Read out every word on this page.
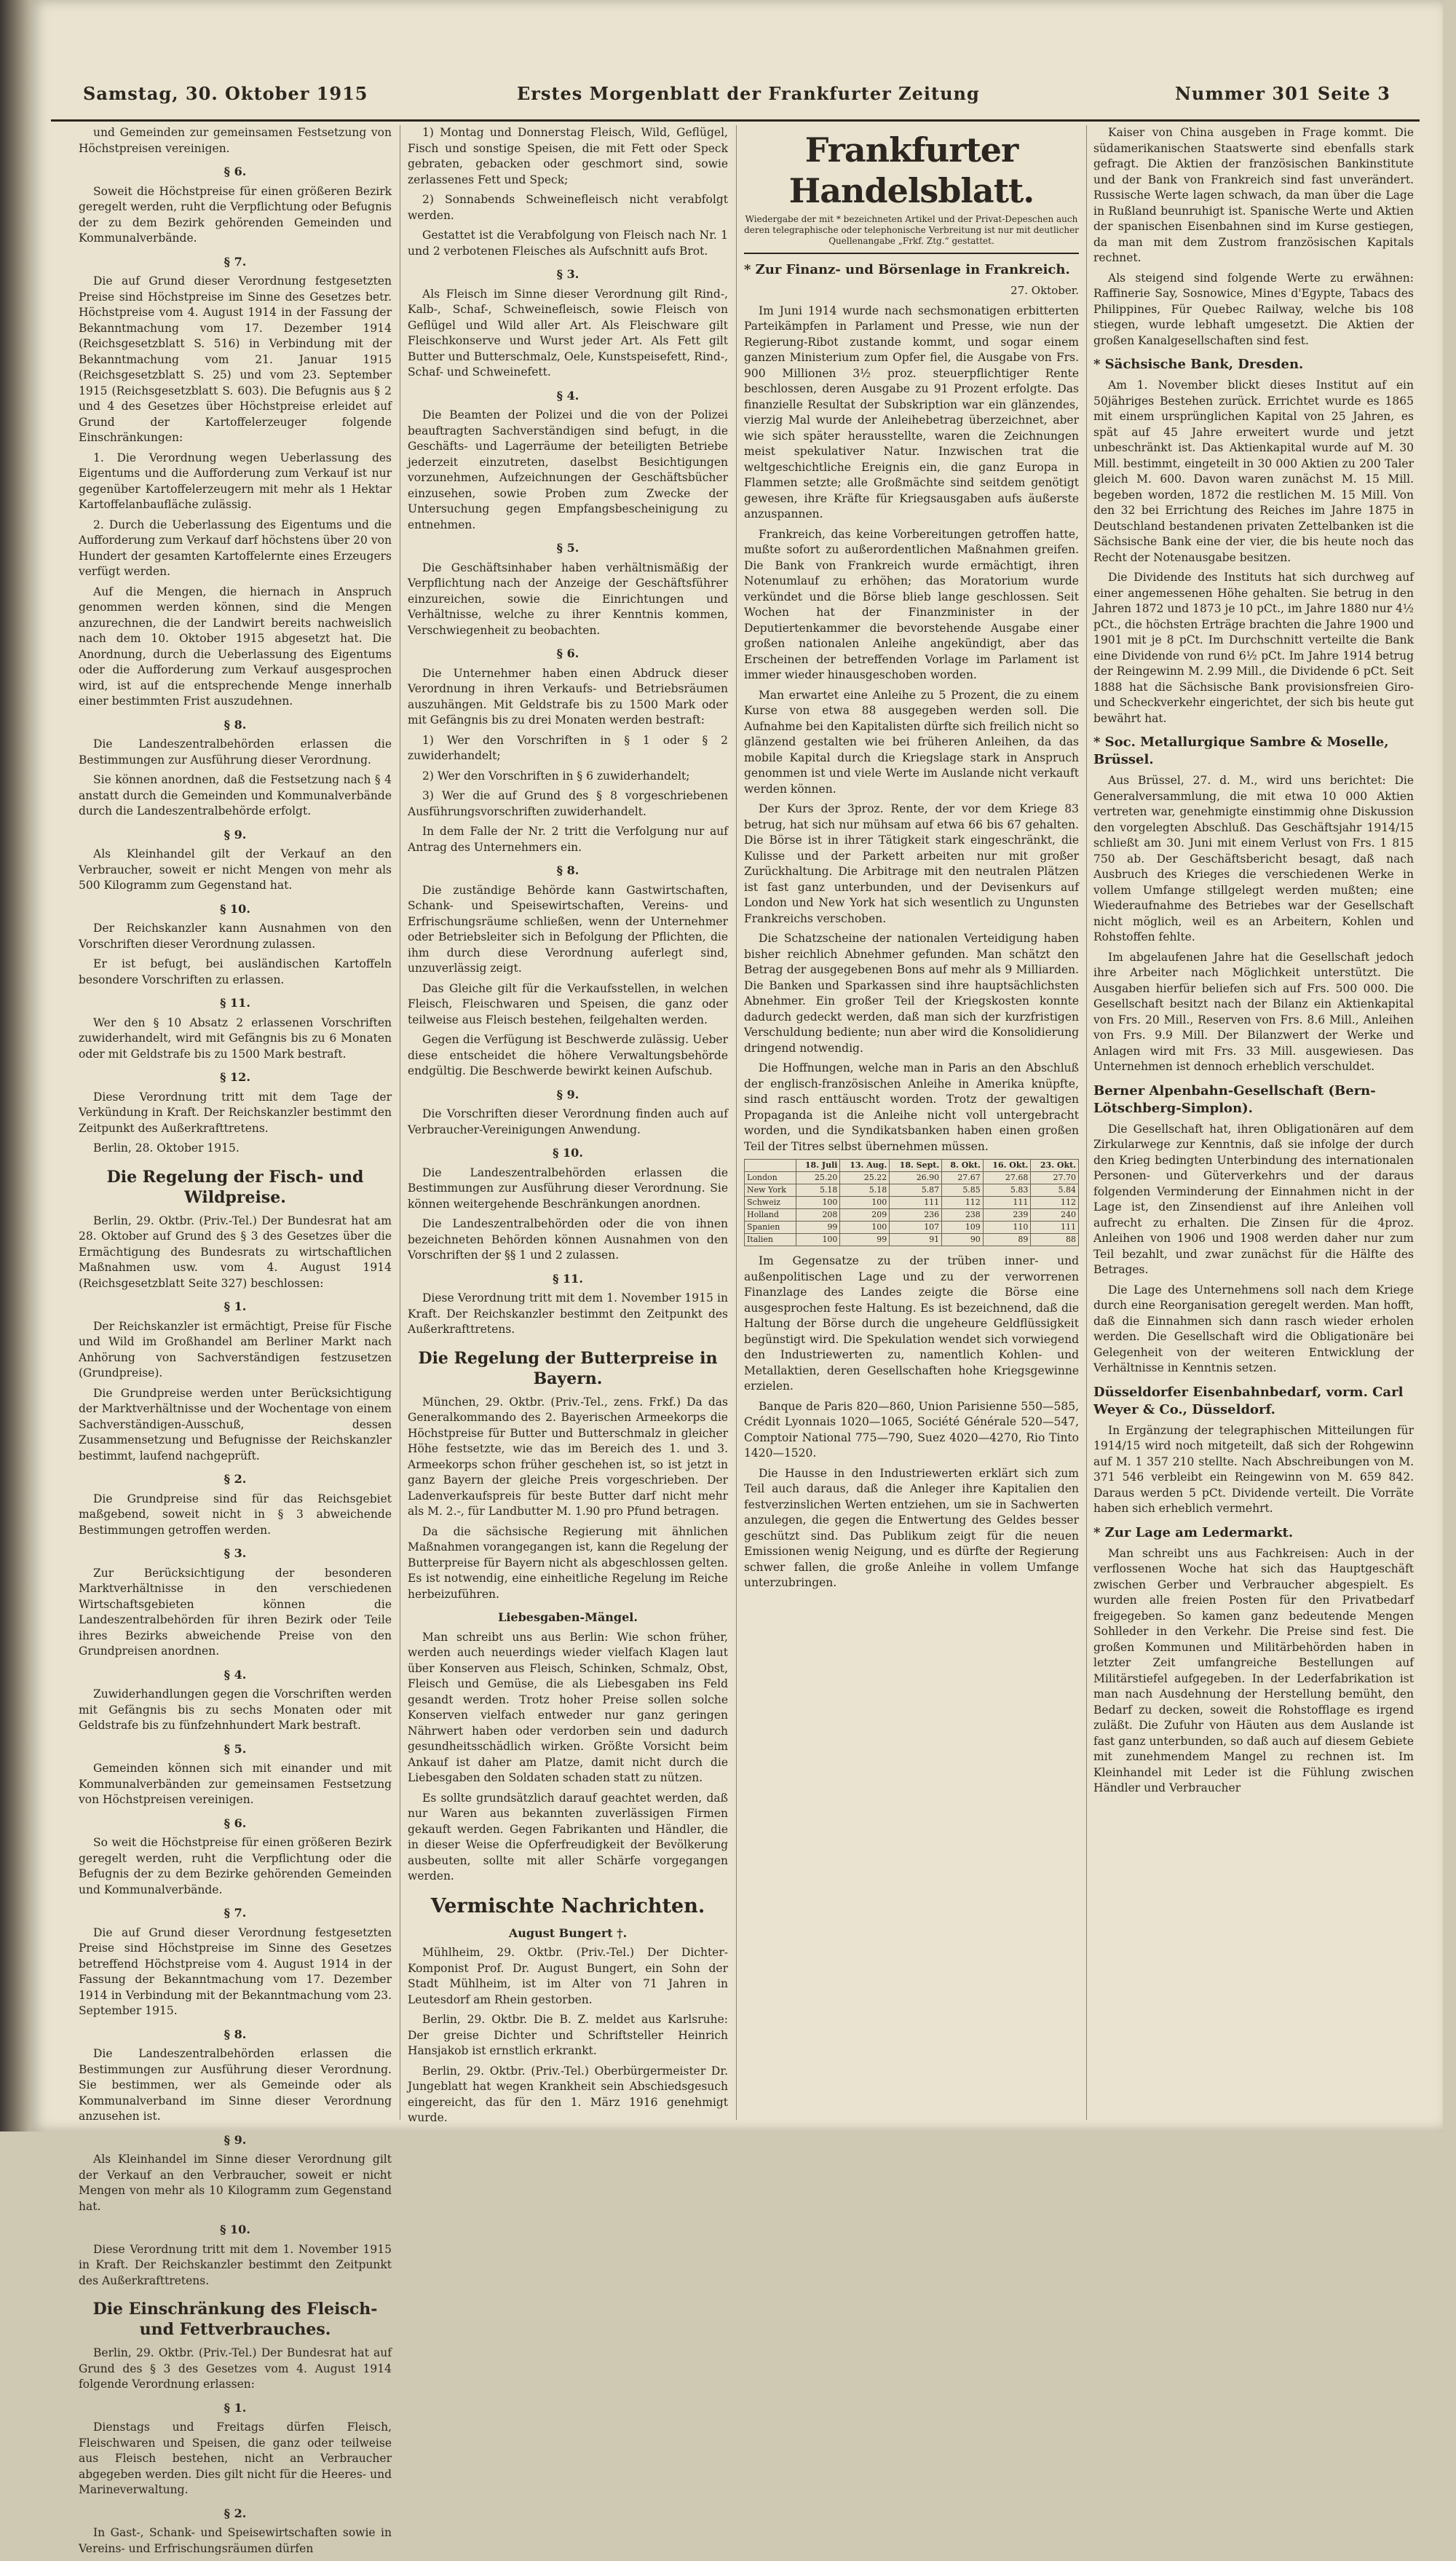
Samstag, 30. Oktober 1915	Erstes Morgenblatt der Frankfurter Zeitung	Nummer 301 Seite 3

und Gemeinden zur gemeinsamen Festsetzung von Höchstpreisen vereinigen.

§ 6.

Soweit die Höchstpreise für einen größeren Bezirk geregelt werden, ruht die Verpflichtung oder Befugnis der zu dem Bezirk gehörenden Gemeinden und Kommunalverbände.

§ 7.

Die auf Grund dieser Verordnung festgesetzten Preise sind Höchstpreise im Sinne des Gesetzes betr. Höchstpreise vom 4. August 1914 in der Fassung der Bekanntmachung vom 17. Dezember 1914 (Reichsgesetzblatt S. 516) in Verbindung mit der Bekanntmachung vom 21. Januar 1915 (Reichsgesetzblatt S. 25) und vom 23. September 1915 (Reichsgesetzblatt S. 603). Die Befugnis aus § 2 und 4 des Gesetzes über Höchstpreise erleidet auf Grund der Kartoffelerzeuger folgende Einschränkungen:

1. Die Verordnung wegen Ueberlassung des Eigentums und die Aufforderung zum Verkauf ist nur gegenüber Kartoffelerzeugern mit mehr als 1 Hektar Kartoffelanbaufläche zulässig.

2. Durch die Ueberlassung des Eigentums und die Aufforderung zum Verkauf darf höchstens über 20 von Hundert der gesamten Kartoffelernte eines Erzeugers verfügt werden.

Auf die Mengen, die hiernach in Anspruch genommen werden können, sind die Mengen anzurechnen, die der Landwirt bereits nachweislich nach dem 10. Oktober 1915 abgesetzt hat. Die Anordnung, durch die Ueberlassung des Eigentums oder die Aufforderung zum Verkauf ausgesprochen wird, ist auf die entsprechende Menge innerhalb einer bestimmten Frist auszudehnen.

§ 8.

Die Landeszentralbehörden erlassen die Bestimmungen zur Ausführung dieser Verordnung.

Sie können anordnen, daß die Festsetzung nach § 4 anstatt durch die Gemeinden und Kommunalverbände durch die Landeszentralbehörde erfolgt.

§ 9.

Als Kleinhandel gilt der Verkauf an den Verbraucher, soweit er nicht Mengen von mehr als 500 Kilogramm zum Gegenstand hat.

§ 10.

Der Reichskanzler kann Ausnahmen von den Vorschriften dieser Verordnung zulassen.

Er ist befugt, bei ausländischen Kartoffeln besondere Vorschriften zu erlassen.

§ 11.

Wer den § 10 Absatz 2 erlassenen Vorschriften zuwiderhandelt, wird mit Gefängnis bis zu 6 Monaten oder mit Geldstrafe bis zu 1500 Mark bestraft.

§ 12.

Diese Verordnung tritt mit dem Tage der Verkündung in Kraft. Der Reichskanzler bestimmt den Zeitpunkt des Außerkrafttretens.

Berlin, 28. Oktober 1915.

Die Regelung der Fisch- und Wildpreise.

Berlin, 29. Oktbr. (Priv.-Tel.) Der Bundesrat hat am 28. Oktober auf Grund des § 3 des Gesetzes über die Ermächtigung des Bundesrats zu wirtschaftlichen Maßnahmen usw. vom 4. August 1914 (Reichsgesetzblatt Seite 327) beschlossen:

§ 1.

Der Reichskanzler ist ermächtigt, Preise für Fische und Wild im Großhandel am Berliner Markt nach Anhörung von Sachverständigen festzusetzen (Grundpreise).

Die Grundpreise werden unter Berücksichtigung der Marktverhältnisse und der Wochentage von einem Sachverständigen-Ausschuß, dessen Zusammensetzung und Befugnisse der Reichskanzler bestimmt, laufend nachgeprüft.

§ 2.

Die Grundpreise sind für das Reichsgebiet maßgebend, soweit nicht in § 3 abweichende Bestimmungen getroffen werden.

§ 3.

Zur Berücksichtigung der besonderen Marktverhältnisse in den verschiedenen Wirtschaftsgebieten können die Landeszentralbehörden für ihren Bezirk oder Teile ihres Bezirks abweichende Preise von den Grundpreisen anordnen.

§ 4.

Zuwiderhandlungen gegen die Vorschriften werden mit Gefängnis bis zu sechs Monaten oder mit Geldstrafe bis zu fünfzehnhundert Mark bestraft.

§ 5.

Gemeinden können sich mit einander und mit Kommunalverbänden zur gemeinsamen Festsetzung von Höchstpreisen vereinigen.

§ 6.

So weit die Höchstpreise für einen größeren Bezirk geregelt werden, ruht die Verpflichtung oder die Befugnis der zu dem Bezirke gehörenden Gemeinden und Kommunalverbände.

§ 7.

Die auf Grund dieser Verordnung festgesetzten Preise sind Höchstpreise im Sinne des Gesetzes betreffend Höchstpreise vom 4. August 1914 in der Fassung der Bekanntmachung vom 17. Dezember 1914 in Verbindung mit der Bekanntmachung vom 23. September 1915.

§ 8.

Die Landeszentralbehörden erlassen die Bestimmungen zur Ausführung dieser Verordnung. Sie bestimmen, wer als Gemeinde oder als Kommunalverband im Sinne dieser Verordnung anzusehen ist.

§ 9.

Als Kleinhandel im Sinne dieser Verordnung gilt der Verkauf an den Verbraucher, soweit er nicht Mengen von mehr als 10 Kilogramm zum Gegenstand hat.

§ 10.

Diese Verordnung tritt mit dem 1. November 1915 in Kraft. Der Reichskanzler bestimmt den Zeitpunkt des Außerkrafttretens.

Die Einschränkung des Fleisch- und Fettverbrauches.

Berlin, 29. Oktbr. (Priv.-Tel.) Der Bundesrat hat auf Grund des § 3 des Gesetzes vom 4. August 1914 folgende Verordnung erlassen:

§ 1.

Dienstags und Freitags dürfen Fleisch, Fleischwaren und Speisen, die ganz oder teilweise aus Fleisch bestehen, nicht an Verbraucher abgegeben werden. Dies gilt nicht für die Heeres- und Marineverwaltung.

§ 2.

In Gast-, Schank- und Speisewirtschaften sowie in Vereins- und Erfrischungsräumen dürfen

1) Montag und Donnerstag Fleisch, Wild, Geflügel, Fisch und sonstige Speisen, die mit Fett oder Speck gebraten, gebacken oder geschmort sind, sowie zerlassenes Fett und Speck;

2) Sonnabends Schweinefleisch nicht verabfolgt werden.

Gestattet ist die Verabfolgung von Fleisch nach Nr. 1 und 2 verbotenen Fleisches als Aufschnitt aufs Brot.

§ 3.

Als Fleisch im Sinne dieser Verordnung gilt Rind-, Kalb-, Schaf-, Schweinefleisch, sowie Fleisch von Geflügel und Wild aller Art. Als Fleischware gilt Fleischkonserve und Wurst jeder Art. Als Fett gilt Butter und Butterschmalz, Oele, Kunstspeisefett, Rind-, Schaf- und Schweinefett.

§ 4.

Die Beamten der Polizei und die von der Polizei beauftragten Sachverständigen sind befugt, in die Geschäfts- und Lagerräume der beteiligten Betriebe jederzeit einzutreten, daselbst Besichtigungen vorzunehmen, Aufzeichnungen der Geschäftsbücher einzusehen, sowie Proben zum Zwecke der Untersuchung gegen Empfangsbescheinigung zu entnehmen.

§ 5.

Die Geschäftsinhaber haben verhältnismäßig der Verpflichtung nach der Anzeige der Geschäftsführer einzureichen, sowie die Einrichtungen und Verhältnisse, welche zu ihrer Kenntnis kommen, Verschwiegenheit zu beobachten.

§ 6.

Die Unternehmer haben einen Abdruck dieser Verordnung in ihren Verkaufs- und Betriebsräumen auszuhängen. Mit Geldstrafe bis zu 1500 Mark oder mit Gefängnis bis zu drei Monaten werden bestraft:

1) Wer den Vorschriften in § 1 oder § 2 zuwiderhandelt;

2) Wer den Vorschriften in § 6 zuwiderhandelt;

3) Wer die auf Grund des § 8 vorgeschriebenen Ausführungsvorschriften zuwiderhandelt.

In dem Falle der Nr. 2 tritt die Verfolgung nur auf Antrag des Unternehmers ein.

§ 8.

Die zuständige Behörde kann Gastwirtschaften, Schank- und Speisewirtschaften, Vereins- und Erfrischungsräume schließen, wenn der Unternehmer oder Betriebsleiter sich in Befolgung der Pflichten, die ihm durch diese Verordnung auferlegt sind, unzuverlässig zeigt.

Das Gleiche gilt für die Verkaufsstellen, in welchen Fleisch, Fleischwaren und Speisen, die ganz oder teilweise aus Fleisch bestehen, feilgehalten werden.

Gegen die Verfügung ist Beschwerde zulässig. Ueber diese entscheidet die höhere Verwaltungsbehörde endgültig. Die Beschwerde bewirkt keinen Aufschub.

§ 9.

Die Vorschriften dieser Verordnung finden auch auf Verbraucher-Vereinigungen Anwendung.

§ 10.

Die Landeszentralbehörden erlassen die Bestimmungen zur Ausführung dieser Verordnung. Sie können weitergehende Beschränkungen anordnen.

Die Landeszentralbehörden oder die von ihnen bezeichneten Behörden können Ausnahmen von den Vorschriften der §§ 1 und 2 zulassen.

§ 11.

Diese Verordnung tritt mit dem 1. November 1915 in Kraft. Der Reichskanzler bestimmt den Zeitpunkt des Außerkrafttretens.

Die Regelung der Butterpreise in Bayern.

München, 29. Oktbr. (Priv.-Tel., zens. Frkf.) Da das Generalkommando des 2. Bayerischen Armeekorps die Höchstpreise für Butter und Butterschmalz in gleicher Höhe festsetzte, wie das im Bereich des 1. und 3. Armeekorps schon früher geschehen ist, so ist jetzt in ganz Bayern der gleiche Preis vorgeschrieben. Der Ladenverkaufspreis für beste Butter darf nicht mehr als M. 2.-, für Landbutter M. 1.90 pro Pfund betragen.

Da die sächsische Regierung mit ähnlichen Maßnahmen vorangegangen ist, kann die Regelung der Butterpreise für Bayern nicht als abgeschlossen gelten. Es ist notwendig, eine einheitliche Regelung im Reiche herbeizuführen.

Liebesgaben-Mängel.

Man schreibt uns aus Berlin: Wie schon früher, werden auch neuerdings wieder vielfach Klagen laut über Konserven aus Fleisch, Schinken, Schmalz, Obst, Fleisch und Gemüse, die als Liebesgaben ins Feld gesandt werden. Trotz hoher Preise sollen solche Konserven vielfach entweder nur ganz geringen Nährwert haben oder verdorben sein und dadurch gesundheitsschädlich wirken. Größte Vorsicht beim Ankauf ist daher am Platze, damit nicht durch die Liebesgaben den Soldaten schaden statt zu nützen.

Es sollte grundsätzlich darauf geachtet werden, daß nur Waren aus bekannten zuverlässigen Firmen gekauft werden. Gegen Fabrikanten und Händler, die in dieser Weise die Opferfreudigkeit der Bevölkerung ausbeuten, sollte mit aller Schärfe vorgegangen werden.

Vermischte Nachrichten.

August Bungert †.

Mühlheim, 29. Oktbr. (Priv.-Tel.) Der Dichter-Komponist Prof. Dr. August Bungert, ein Sohn der Stadt Mühlheim, ist im Alter von 71 Jahren in Leutesdorf am Rhein gestorben.

Berlin, 29. Oktbr. Die B. Z. meldet aus Karlsruhe: Der greise Dichter und Schriftsteller Heinrich Hansjakob ist ernstlich erkrankt.

Berlin, 29. Oktbr. (Priv.-Tel.) Oberbürgermeister Dr. Jungeblatt hat wegen Krankheit sein Abschiedsgesuch eingereicht, das für den 1. März 1916 genehmigt wurde.

Frankfurter Handelsblatt.
Wiedergabe der mit * bezeichneten Artikel und der Privat-Depeschen auch deren telegraphische oder telephonische Verbreitung ist nur mit deutlicher Quellenangabe „Frkf. Ztg.“ gestattet.
* Zur Finanz- und Börsenlage in Frankreich.
27. Oktober.

Im Juni 1914 wurde nach sechsmonatigen erbitterten Parteikämpfen in Parlament und Presse, wie nun der Regierung-Ribot zustande kommt, und sogar einem ganzen Ministerium zum Opfer fiel, die Ausgabe von Frs. 900 Millionen 3½ proz. steuerpflichtiger Rente beschlossen, deren Ausgabe zu 91 Prozent erfolgte. Das finanzielle Resultat der Subskription war ein glänzendes, vierzig Mal wurde der Anleihebetrag überzeichnet, aber wie sich später herausstellte, waren die Zeichnungen meist spekulativer Natur. Inzwischen trat die weltgeschichtliche Ereignis ein, die ganz Europa in Flammen setzte; alle Großmächte sind seitdem genötigt gewesen, ihre Kräfte für Kriegsausgaben aufs äußerste anzuspannen.

Frankreich, das keine Vorbereitungen getroffen hatte, mußte sofort zu außerordentlichen Maßnahmen greifen. Die Bank von Frankreich wurde ermächtigt, ihren Notenumlauf zu erhöhen; das Moratorium wurde verkündet und die Börse blieb lange geschlossen. Seit Wochen hat der Finanzminister in der Deputiertenkammer die bevorstehende Ausgabe einer großen nationalen Anleihe angekündigt, aber das Erscheinen der betreffenden Vorlage im Parlament ist immer wieder hinausgeschoben worden.

Man erwartet eine Anleihe zu 5 Prozent, die zu einem Kurse von etwa 88 ausgegeben werden soll. Die Aufnahme bei den Kapitalisten dürfte sich freilich nicht so glänzend gestalten wie bei früheren Anleihen, da das mobile Kapital durch die Kriegslage stark in Anspruch genommen ist und viele Werte im Auslande nicht verkauft werden können.

Der Kurs der 3proz. Rente, der vor dem Kriege 83 betrug, hat sich nur mühsam auf etwa 66 bis 67 gehalten. Die Börse ist in ihrer Tätigkeit stark eingeschränkt, die Kulisse und der Parkett arbeiten nur mit großer Zurückhaltung. Die Arbitrage mit den neutralen Plätzen ist fast ganz unterbunden, und der Devisenkurs auf London und New York hat sich wesentlich zu Ungunsten Frankreichs verschoben.

Die Schatzscheine der nationalen Verteidigung haben bisher reichlich Abnehmer gefunden. Man schätzt den Betrag der ausgegebenen Bons auf mehr als 9 Milliarden. Die Banken und Sparkassen sind ihre hauptsächlichsten Abnehmer. Ein großer Teil der Kriegskosten konnte dadurch gedeckt werden, daß man sich der kurzfristigen Verschuldung bediente; nun aber wird die Konsolidierung dringend notwendig.

Die Hoffnungen, welche man in Paris an den Abschluß der englisch-französischen Anleihe in Amerika knüpfte, sind rasch enttäuscht worden. Trotz der gewaltigen Propaganda ist die Anleihe nicht voll untergebracht worden, und die Syndikatsbanken haben einen großen Teil der Titres selbst übernehmen müssen.

	18. Juli	13. Aug.	18. Sept.	8. Okt.	16. Okt.	23. Okt.
London	25.20	25.22	26.90	27.67	27.68	27.70
New York	5.18	5.18	5.87	5.85	5.83	5.84
Schweiz	100	100	111	112	111	112
Holland	208	209	236	238	239	240
Spanien	99	100	107	109	110	111
Italien	100	99	91	90	89	88

Im Gegensatze zu der trüben inner- und außenpolitischen Lage und zu der verworrenen Finanzlage des Landes zeigte die Börse eine ausgesprochen feste Haltung. Es ist bezeichnend, daß die Haltung der Börse durch die ungeheure Geldflüssigkeit begünstigt wird. Die Spekulation wendet sich vorwiegend den Industriewerten zu, namentlich Kohlen- und Metallaktien, deren Gesellschaften hohe Kriegsgewinne erzielen.

Banque de Paris 820—860, Union Parisienne 550—585, Crédit Lyonnais 1020—1065, Société Générale 520—547, Comptoir National 775—790, Suez 4020—4270, Rio Tinto 1420—1520.

Die Hausse in den Industriewerten erklärt sich zum Teil auch daraus, daß die Anleger ihre Kapitalien den festverzinslichen Werten entziehen, um sie in Sachwerten anzulegen, die gegen die Entwertung des Geldes besser geschützt sind. Das Publikum zeigt für die neuen Emissionen wenig Neigung, und es dürfte der Regierung schwer fallen, die große Anleihe in vollem Umfange unterzubringen.

Kaiser von China ausgeben in Frage kommt. Die südamerikanischen Staatswerte sind ebenfalls stark gefragt. Die Aktien der französischen Bankinstitute und der Bank von Frankreich sind fast unverändert. Russische Werte lagen schwach, da man über die Lage in Rußland beunruhigt ist. Spanische Werte und Aktien der spanischen Eisenbahnen sind im Kurse gestiegen, da man mit dem Zustrom französischen Kapitals rechnet.

Als steigend sind folgende Werte zu erwähnen: Raffinerie Say, Sosnowice, Mines d'Egypte, Tabacs des Philippines, Für Quebec Railway, welche bis 108 stiegen, wurde lebhaft umgesetzt. Die Aktien der großen Kanalgesellschaften sind fest.

* Sächsische Bank, Dresden.

Am 1. November blickt dieses Institut auf ein 50jähriges Bestehen zurück. Errichtet wurde es 1865 mit einem ursprünglichen Kapital von 25 Jahren, es spät auf 45 Jahre erweitert wurde und jetzt unbeschränkt ist. Das Aktienkapital wurde auf M. 30 Mill. bestimmt, eingeteilt in 30 000 Aktien zu 200 Taler gleich M. 600. Davon waren zunächst M. 15 Mill. begeben worden, 1872 die restlichen M. 15 Mill. Von den 32 bei Errichtung des Reiches im Jahre 1875 in Deutschland bestandenen privaten Zettelbanken ist die Sächsische Bank eine der vier, die bis heute noch das Recht der Notenausgabe besitzen.

Die Dividende des Instituts hat sich durchweg auf einer angemessenen Höhe gehalten. Sie betrug in den Jahren 1872 und 1873 je 10 pCt., im Jahre 1880 nur 4½ pCt., die höchsten Erträge brachten die Jahre 1900 und 1901 mit je 8 pCt. Im Durchschnitt verteilte die Bank eine Dividende von rund 6½ pCt. Im Jahre 1914 betrug der Reingewinn M. 2.99 Mill., die Dividende 6 pCt. Seit 1888 hat die Sächsische Bank provisionsfreien Giro- und Scheckverkehr eingerichtet, der sich bis heute gut bewährt hat.

* Soc. Metallurgique Sambre & Moselle, Brüssel.

Aus Brüssel, 27. d. M., wird uns berichtet: Die Generalversammlung, die mit etwa 10 000 Aktien vertreten war, genehmigte einstimmig ohne Diskussion den vorgelegten Abschluß. Das Geschäftsjahr 1914/15 schließt am 30. Juni mit einem Verlust von Frs. 1 815 750 ab. Der Geschäftsbericht besagt, daß nach Ausbruch des Krieges die verschiedenen Werke in vollem Umfange stillgelegt werden mußten; eine Wiederaufnahme des Betriebes war der Gesellschaft nicht möglich, weil es an Arbeitern, Kohlen und Rohstoffen fehlte.

Im abgelaufenen Jahre hat die Gesellschaft jedoch ihre Arbeiter nach Möglichkeit unterstützt. Die Ausgaben hierfür beliefen sich auf Frs. 500 000. Die Gesellschaft besitzt nach der Bilanz ein Aktienkapital von Frs. 20 Mill., Reserven von Frs. 8.6 Mill., Anleihen von Frs. 9.9 Mill. Der Bilanzwert der Werke und Anlagen wird mit Frs. 33 Mill. ausgewiesen. Das Unternehmen ist dennoch erheblich verschuldet.

Berner Alpenbahn-Gesellschaft (Bern-Lötschberg-Simplon).

Die Gesellschaft hat, ihren Obligationären auf dem Zirkularwege zur Kenntnis, daß sie infolge der durch den Krieg bedingten Unterbindung des internationalen Personen- und Güterverkehrs und der daraus folgenden Verminderung der Einnahmen nicht in der Lage ist, den Zinsendienst auf ihre Anleihen voll aufrecht zu erhalten. Die Zinsen für die 4proz. Anleihen von 1906 und 1908 werden daher nur zum Teil bezahlt, und zwar zunächst für die Hälfte des Betrages.

Die Lage des Unternehmens soll nach dem Kriege durch eine Reorganisation geregelt werden. Man hofft, daß die Einnahmen sich dann rasch wieder erholen werden. Die Gesellschaft wird die Obligationäre bei Gelegenheit von der weiteren Entwicklung der Verhältnisse in Kenntnis setzen.

Düsseldorfer Eisenbahnbedarf, vorm. Carl Weyer & Co., Düsseldorf.

In Ergänzung der telegraphischen Mitteilungen für 1914/15 wird noch mitgeteilt, daß sich der Rohgewinn auf M. 1 357 210 stellte. Nach Abschreibungen von M. 371 546 verbleibt ein Reingewinn von M. 659 842. Daraus werden 5 pCt. Dividende verteilt. Die Vorräte haben sich erheblich vermehrt.

* Zur Lage am Ledermarkt.

Man schreibt uns aus Fachkreisen: Auch in der verflossenen Woche hat sich das Hauptgeschäft zwischen Gerber und Verbraucher abgespielt. Es wurden alle freien Posten für den Privatbedarf freigegeben. So kamen ganz bedeutende Mengen Sohlleder in den Verkehr. Die Preise sind fest. Die großen Kommunen und Militärbehörden haben in letzter Zeit umfangreiche Bestellungen auf Militärstiefel aufgegeben. In der Lederfabrikation ist man nach Ausdehnung der Herstellung bemüht, den Bedarf zu decken, soweit die Rohstofflage es irgend zuläßt. Die Zufuhr von Häuten aus dem Auslande ist fast ganz unterbunden, so daß auch auf diesem Gebiete mit zunehmendem Mangel zu rechnen ist. Im Kleinhandel mit Leder ist die Fühlung zwischen Händler und Verbraucher
